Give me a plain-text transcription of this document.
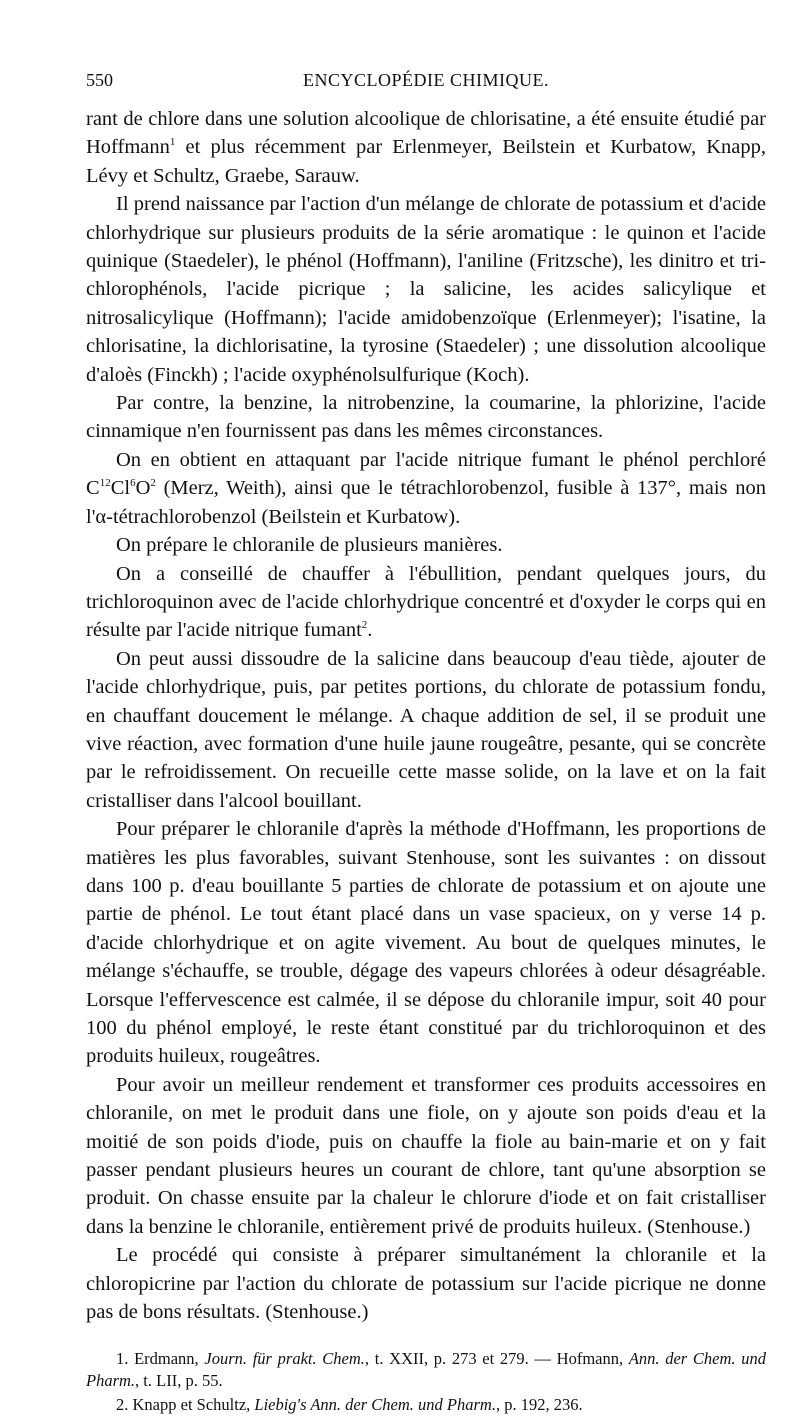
550	ENCYCLOPÉDIE CHIMIQUE.

rant de chlore dans une solution alcoolique de chlorisatine, a été ensuite étudié par Hoffmann$^1$ et plus récemment par Erlenmeyer, Beilstein et Kurbatow, Knapp, Lévy et Schultz, Graebe, Sarauw.

Il prend naissance par l'action d'un mélange de chlorate de potassium et d'acide chlorhydrique sur plusieurs produits de la série aromatique : le quinon et l'acide quinique (Staedeler), le phénol (Hoffmann), l'aniline (Fritzsche), les dinitro et tri-chlorophénols, l'acide picrique ; la salicine, les acides salicylique et nitrosalicylique (Hoffmann); l'acide amidobenzoïque (Erlenmeyer); l'isatine, la chlorisatine, la dichlorisatine, la tyrosine (Staedeler) ; une dissolution alcoolique d'aloès (Finckh) ; l'acide oxyphénolsulfurique (Koch).

Par contre, la benzine, la nitrobenzine, la coumarine, la phlorizine, l'acide cinnamique n'en fournissent pas dans les mêmes circonstances.

On en obtient en attaquant par l'acide nitrique fumant le phénol perchloré $C^{12}Cl^6O^2$ (Merz, Weith), ainsi que le tétrachlorobenzol, fusible à 137°, mais non l'α-tétrachlorobenzol (Beilstein et Kurbatow).

On prépare le chloranile de plusieurs manières.

On a conseillé de chauffer à l'ébullition, pendant quelques jours, du trichloroquinon avec de l'acide chlorhydrique concentré et d'oxyder le corps qui en résulte par l'acide nitrique fumant$^2$.

On peut aussi dissoudre de la salicine dans beaucoup d'eau tiède, ajouter de l'acide chlorhydrique, puis, par petites portions, du chlorate de potassium fondu, en chauffant doucement le mélange. A chaque addition de sel, il se produit une vive réaction, avec formation d'une huile jaune rougeâtre, pesante, qui se concrète par le refroidissement. On recueille cette masse solide, on la lave et on la fait cristalliser dans l'alcool bouillant.

Pour préparer le chloranile d'après la méthode d'Hoffmann, les proportions de matières les plus favorables, suivant Stenhouse, sont les suivantes : on dissout dans 100 p. d'eau bouillante 5 parties de chlorate de potassium et on ajoute une partie de phénol. Le tout étant placé dans un vase spacieux, on y verse 14 p. d'acide chlorhydrique et on agite vivement. Au bout de quelques minutes, le mélange s'échauffe, se trouble, dégage des vapeurs chlorées à odeur désagréable. Lorsque l'effervescence est calmée, il se dépose du chloranile impur, soit 40 pour 100 du phénol employé, le reste étant constitué par du trichloroquinon et des produits huileux, rougeâtres.

Pour avoir un meilleur rendement et transformer ces produits accessoires en chloranile, on met le produit dans une fiole, on y ajoute son poids d'eau et la moitié de son poids d'iode, puis on chauffe la fiole au bain-marie et on y fait passer pendant plusieurs heures un courant de chlore, tant qu'une absorption se produit. On chasse ensuite par la chaleur le chlorure d'iode et on fait cristalliser dans la benzine le chloranile, entièrement privé de produits huileux. (Stenhouse.)

Le procédé qui consiste à préparer simultanément la chloranile et la chloropicrine par l'action du chlorate de potassium sur l'acide picrique ne donne pas de bons résultats. (Stenhouse.)

1. Erdmann, Journ. für prakt. Chem., t. XXII, p. 273 et 279. — Hofmann, Ann. der Chem. und Pharm., t. LII, p. 55.

2. Knapp et Schultz, Liebig's Ann. der Chem. und Pharm., p. 192, 236.
